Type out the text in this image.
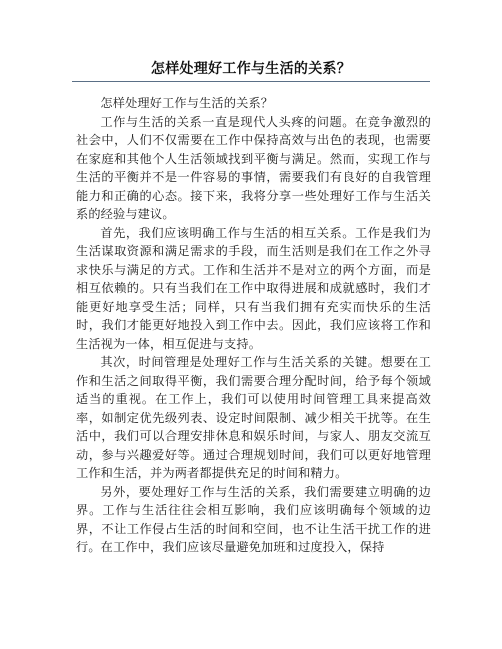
怎样处理好工作与生活的关系？

怎样处理好工作与生活的关系？

工作与生活的关系一直是现代人头疼的问题。在竞争激烈的社会中，人们不仅需要在工作中保持高效与出色的表现，也需要在家庭和其他个人生活领域找到平衡与满足。然而，实现工作与生活的平衡并不是一件容易的事情，需要我们有良好的自我管理能力和正确的心态。接下来，我将分享一些处理好工作与生活关系的经验与建议。

首先，我们应该明确工作与生活的相互关系。工作是我们为生活谋取资源和满足需求的手段，而生活则是我们在工作之外寻求快乐与满足的方式。工作和生活并不是对立的两个方面，而是相互依赖的。只有当我们在工作中取得进展和成就感时，我们才能更好地享受生活；同样，只有当我们拥有充实而快乐的生活时，我们才能更好地投入到工作中去。因此，我们应该将工作和生活视为一体，相互促进与支持。

其次，时间管理是处理好工作与生活关系的关键。想要在工作和生活之间取得平衡，我们需要合理分配时间，给予每个领域适当的重视。在工作上，我们可以使用时间管理工具来提高效率，如制定优先级列表、设定时间限制、减少相关干扰等。在生活中，我们可以合理安排休息和娱乐时间，与家人、朋友交流互动，参与兴趣爱好等。通过合理规划时间，我们可以更好地管理工作和生活，并为两者都提供充足的时间和精力。

另外，要处理好工作与生活的关系，我们需要建立明确的边界。工作与生活往往会相互影响，我们应该明确每个领域的边界，不让工作侵占生活的时间和空间，也不让生活干扰工作的进行。在工作中，我们应该尽量避免加班和过度投入，保持
